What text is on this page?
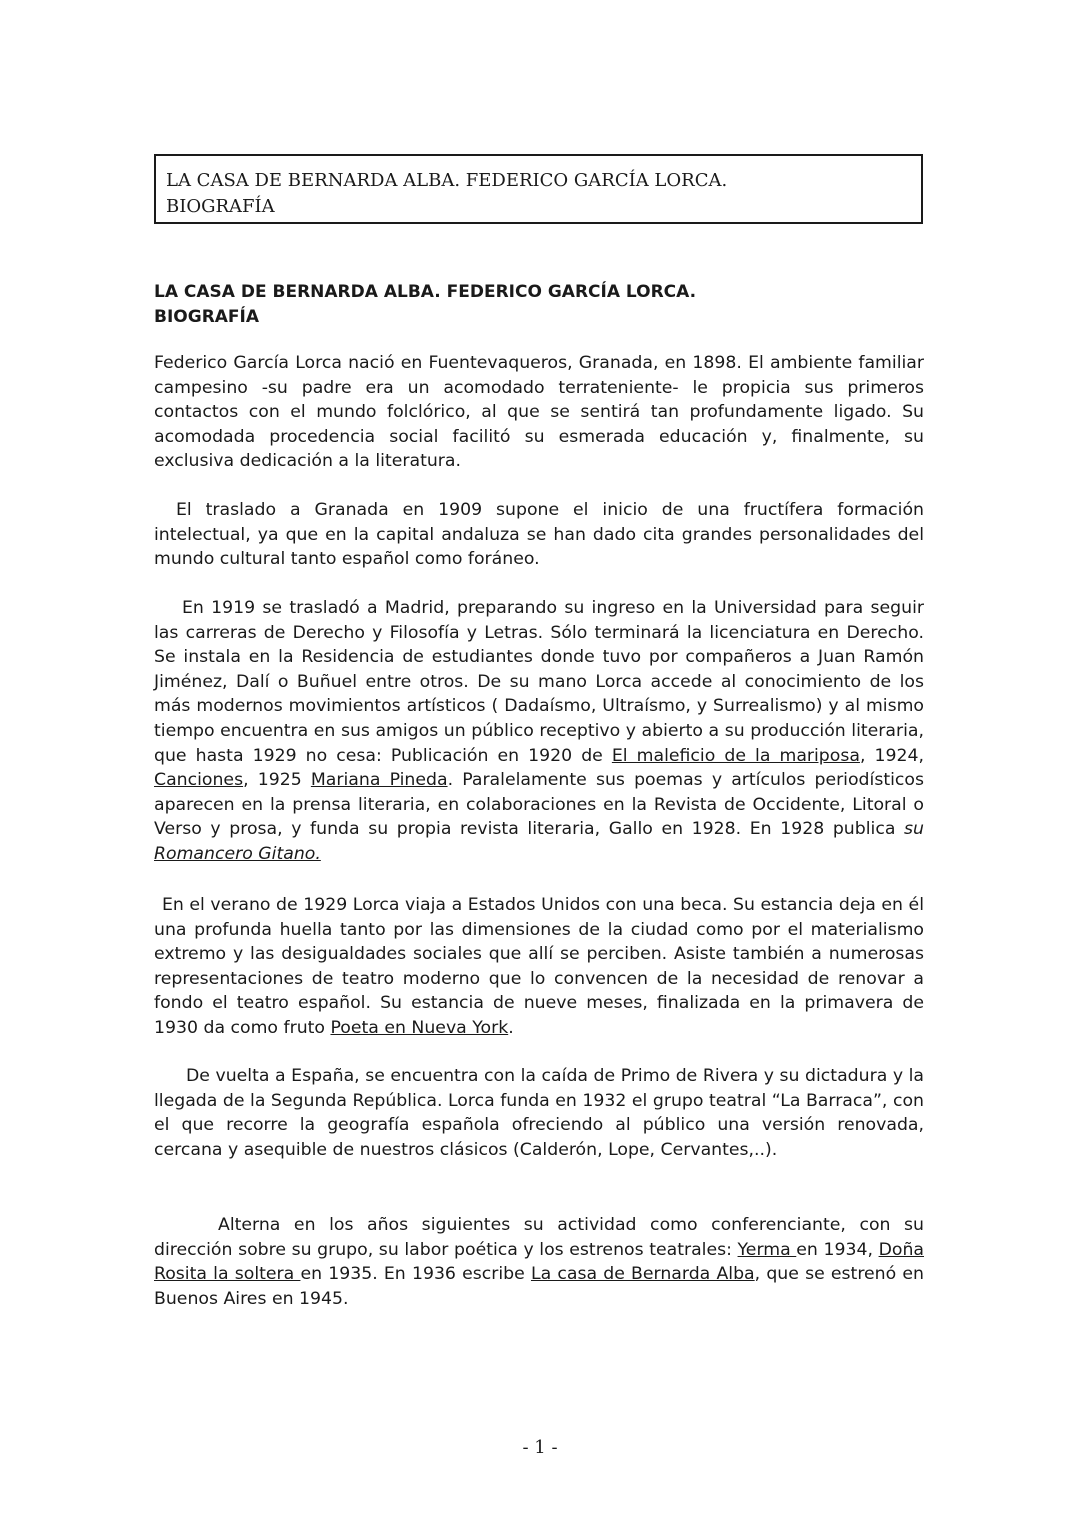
LA CASA DE BERNARDA ALBA. FEDERICO GARCÍA LORCA.
BIOGRAFÍA
LA CASA DE BERNARDA ALBA. FEDERICO GARCÍA LORCA.
BIOGRAFÍA

Federico García Lorca nació en Fuentevaqueros, Granada, en 1898. El ambiente familiar campesino -su padre era un acomodado terrateniente- le propicia sus primeros contactos con el mundo folclórico, al que se sentirá tan profundamente ligado. Su acomodada procedencia social facilitó su esmerada educación y, finalmente, su exclusiva dedicación a la literatura.

El traslado a Granada en 1909 supone el inicio de una fructífera formación intelectual, ya que en la capital andaluza se han dado cita grandes personalidades del mundo cultural tanto español como foráneo.

En 1919 se trasladó a Madrid, preparando su ingreso en la Universidad para seguir las carreras de Derecho y Filosofía y Letras. Sólo terminará la licenciatura en Derecho. Se instala en la Residencia de estudiantes donde tuvo por compañeros a Juan Ramón Jiménez, Dalí o Buñuel entre otros. De su mano Lorca accede al conocimiento de los más modernos movimientos artísticos ( Dadaísmo, Ultraísmo, y Surrealismo) y al mismo tiempo encuentra en sus amigos un público receptivo y abierto a su producción literaria, que hasta 1929 no cesa: Publicación en 1920 de El maleficio de la mariposa, 1924, Canciones, 1925 Mariana Pineda. Paralelamente sus poemas y artículos periodísticos aparecen en la prensa literaria, en colaboraciones en la Revista de Occidente, Litoral o Verso y prosa, y funda su propia revista literaria, Gallo en 1928. En 1928 publica su Romancero Gitano.

En el verano de 1929 Lorca viaja a Estados Unidos con una beca. Su estancia deja en él una profunda huella tanto por las dimensiones de la ciudad como por el materialismo extremo y las desigualdades sociales que allí se perciben. Asiste también a numerosas representaciones de teatro moderno que lo convencen de la necesidad de renovar a fondo el teatro español. Su estancia de nueve meses, finalizada en la primavera de 1930 da como fruto Poeta en Nueva York.

De vuelta a España, se encuentra con la caída de Primo de Rivera y su dictadura y la llegada de la Segunda República. Lorca funda en 1932 el grupo teatral “La Barraca”, con el que recorre la geografía española ofreciendo al público una versión renovada, cercana y asequible de nuestros clásicos (Calderón, Lope, Cervantes,..).

Alterna en los años siguientes su actividad como conferenciante, con su dirección sobre su grupo, su labor poética y los estrenos teatrales: Yerma en 1934, Doña Rosita la soltera en 1935. En 1936 escribe La casa de Bernarda Alba, que se estrenó en Buenos Aires en 1945.

- 1 -
